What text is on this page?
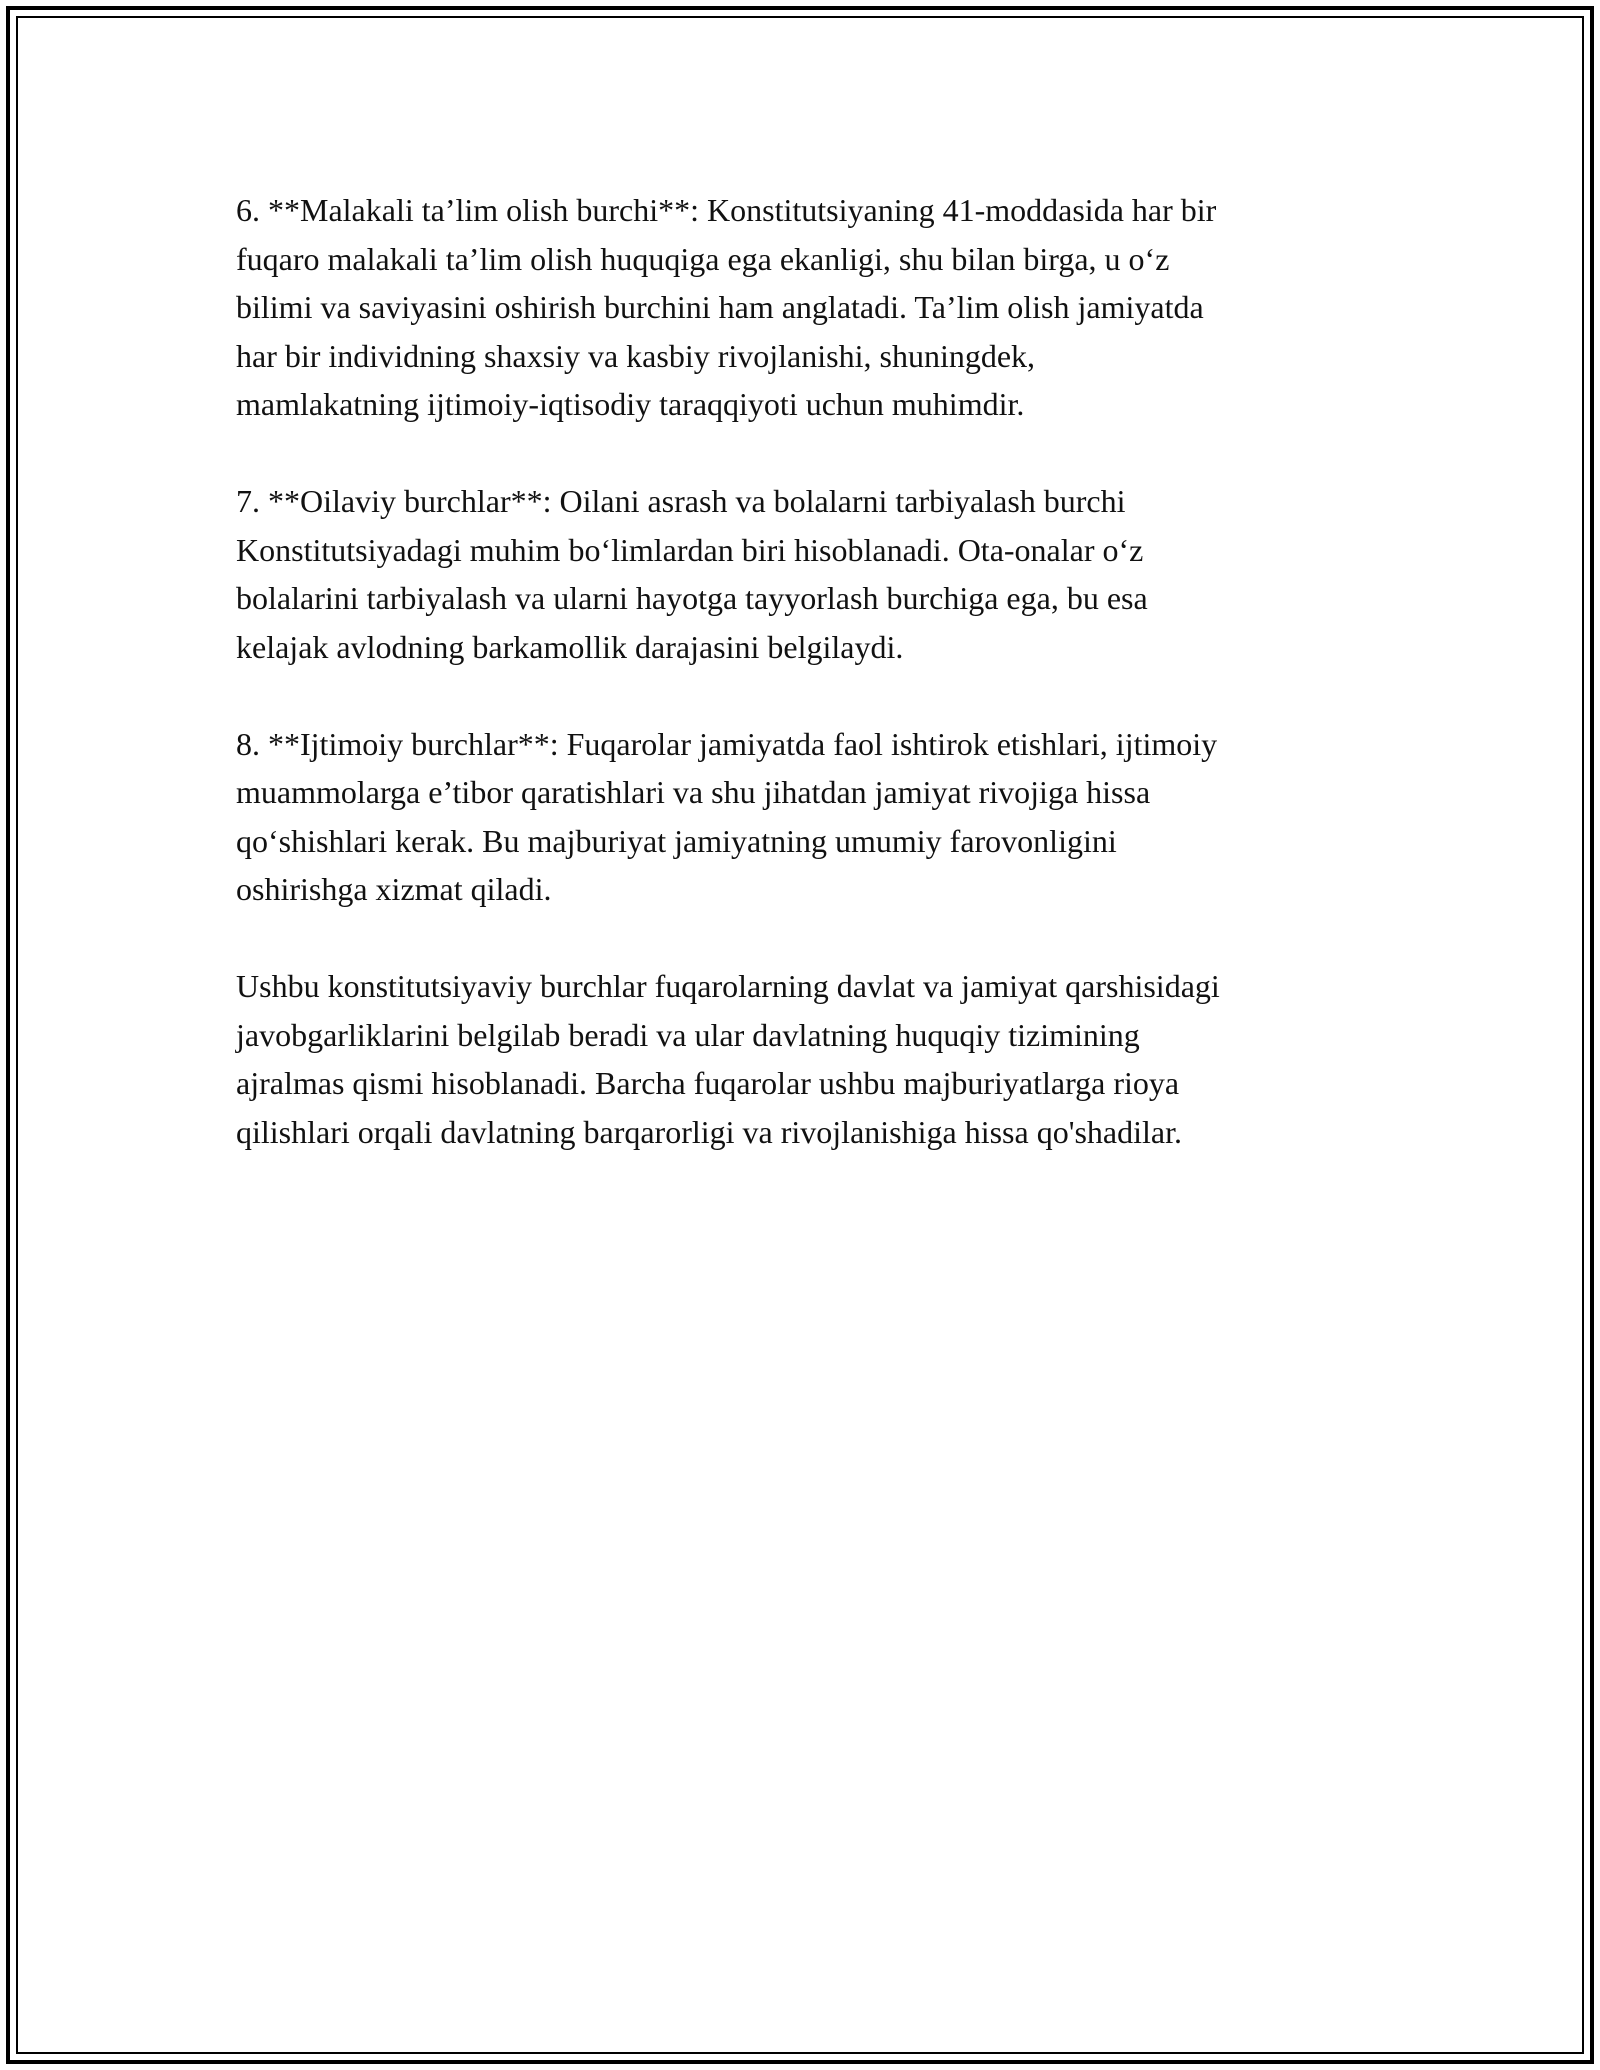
6. **Malakali ta’lim olish burchi**: Konstitutsiyaning 41-moddasida har bir
fuqaro malakali ta’lim olish huquqiga ega ekanligi, shu bilan birga, u o‘z
bilimi va saviyasini oshirish burchini ham anglatadi. Ta’lim olish jamiyatda
har bir individning shaxsiy va kasbiy rivojlanishi, shuningdek,
mamlakatning ijtimoiy-iqtisodiy taraqqiyoti uchun muhimdir.

7. **Oilaviy burchlar**: Oilani asrash va bolalarni tarbiyalash burchi
Konstitutsiyadagi muhim bo‘limlardan biri hisoblanadi. Ota-onalar o‘z
bolalarini tarbiyalash va ularni hayotga tayyorlash burchiga ega, bu esa
kelajak avlodning barkamollik darajasini belgilaydi.

8. **Ijtimoiy burchlar**: Fuqarolar jamiyatda faol ishtirok etishlari, ijtimoiy
muammolarga e’tibor qaratishlari va shu jihatdan jamiyat rivojiga hissa
qo‘shishlari kerak. Bu majburiyat jamiyatning umumiy farovonligini
oshirishga xizmat qiladi.

Ushbu konstitutsiyaviy burchlar fuqarolarning davlat va jamiyat qarshisidagi
javobgarliklarini belgilab beradi va ular davlatning huquqiy tizimining
ajralmas qismi hisoblanadi. Barcha fuqarolar ushbu majburiyatlarga rioya
qilishlari orqali davlatning barqarorligi va rivojlanishiga hissa qo'shadilar.
